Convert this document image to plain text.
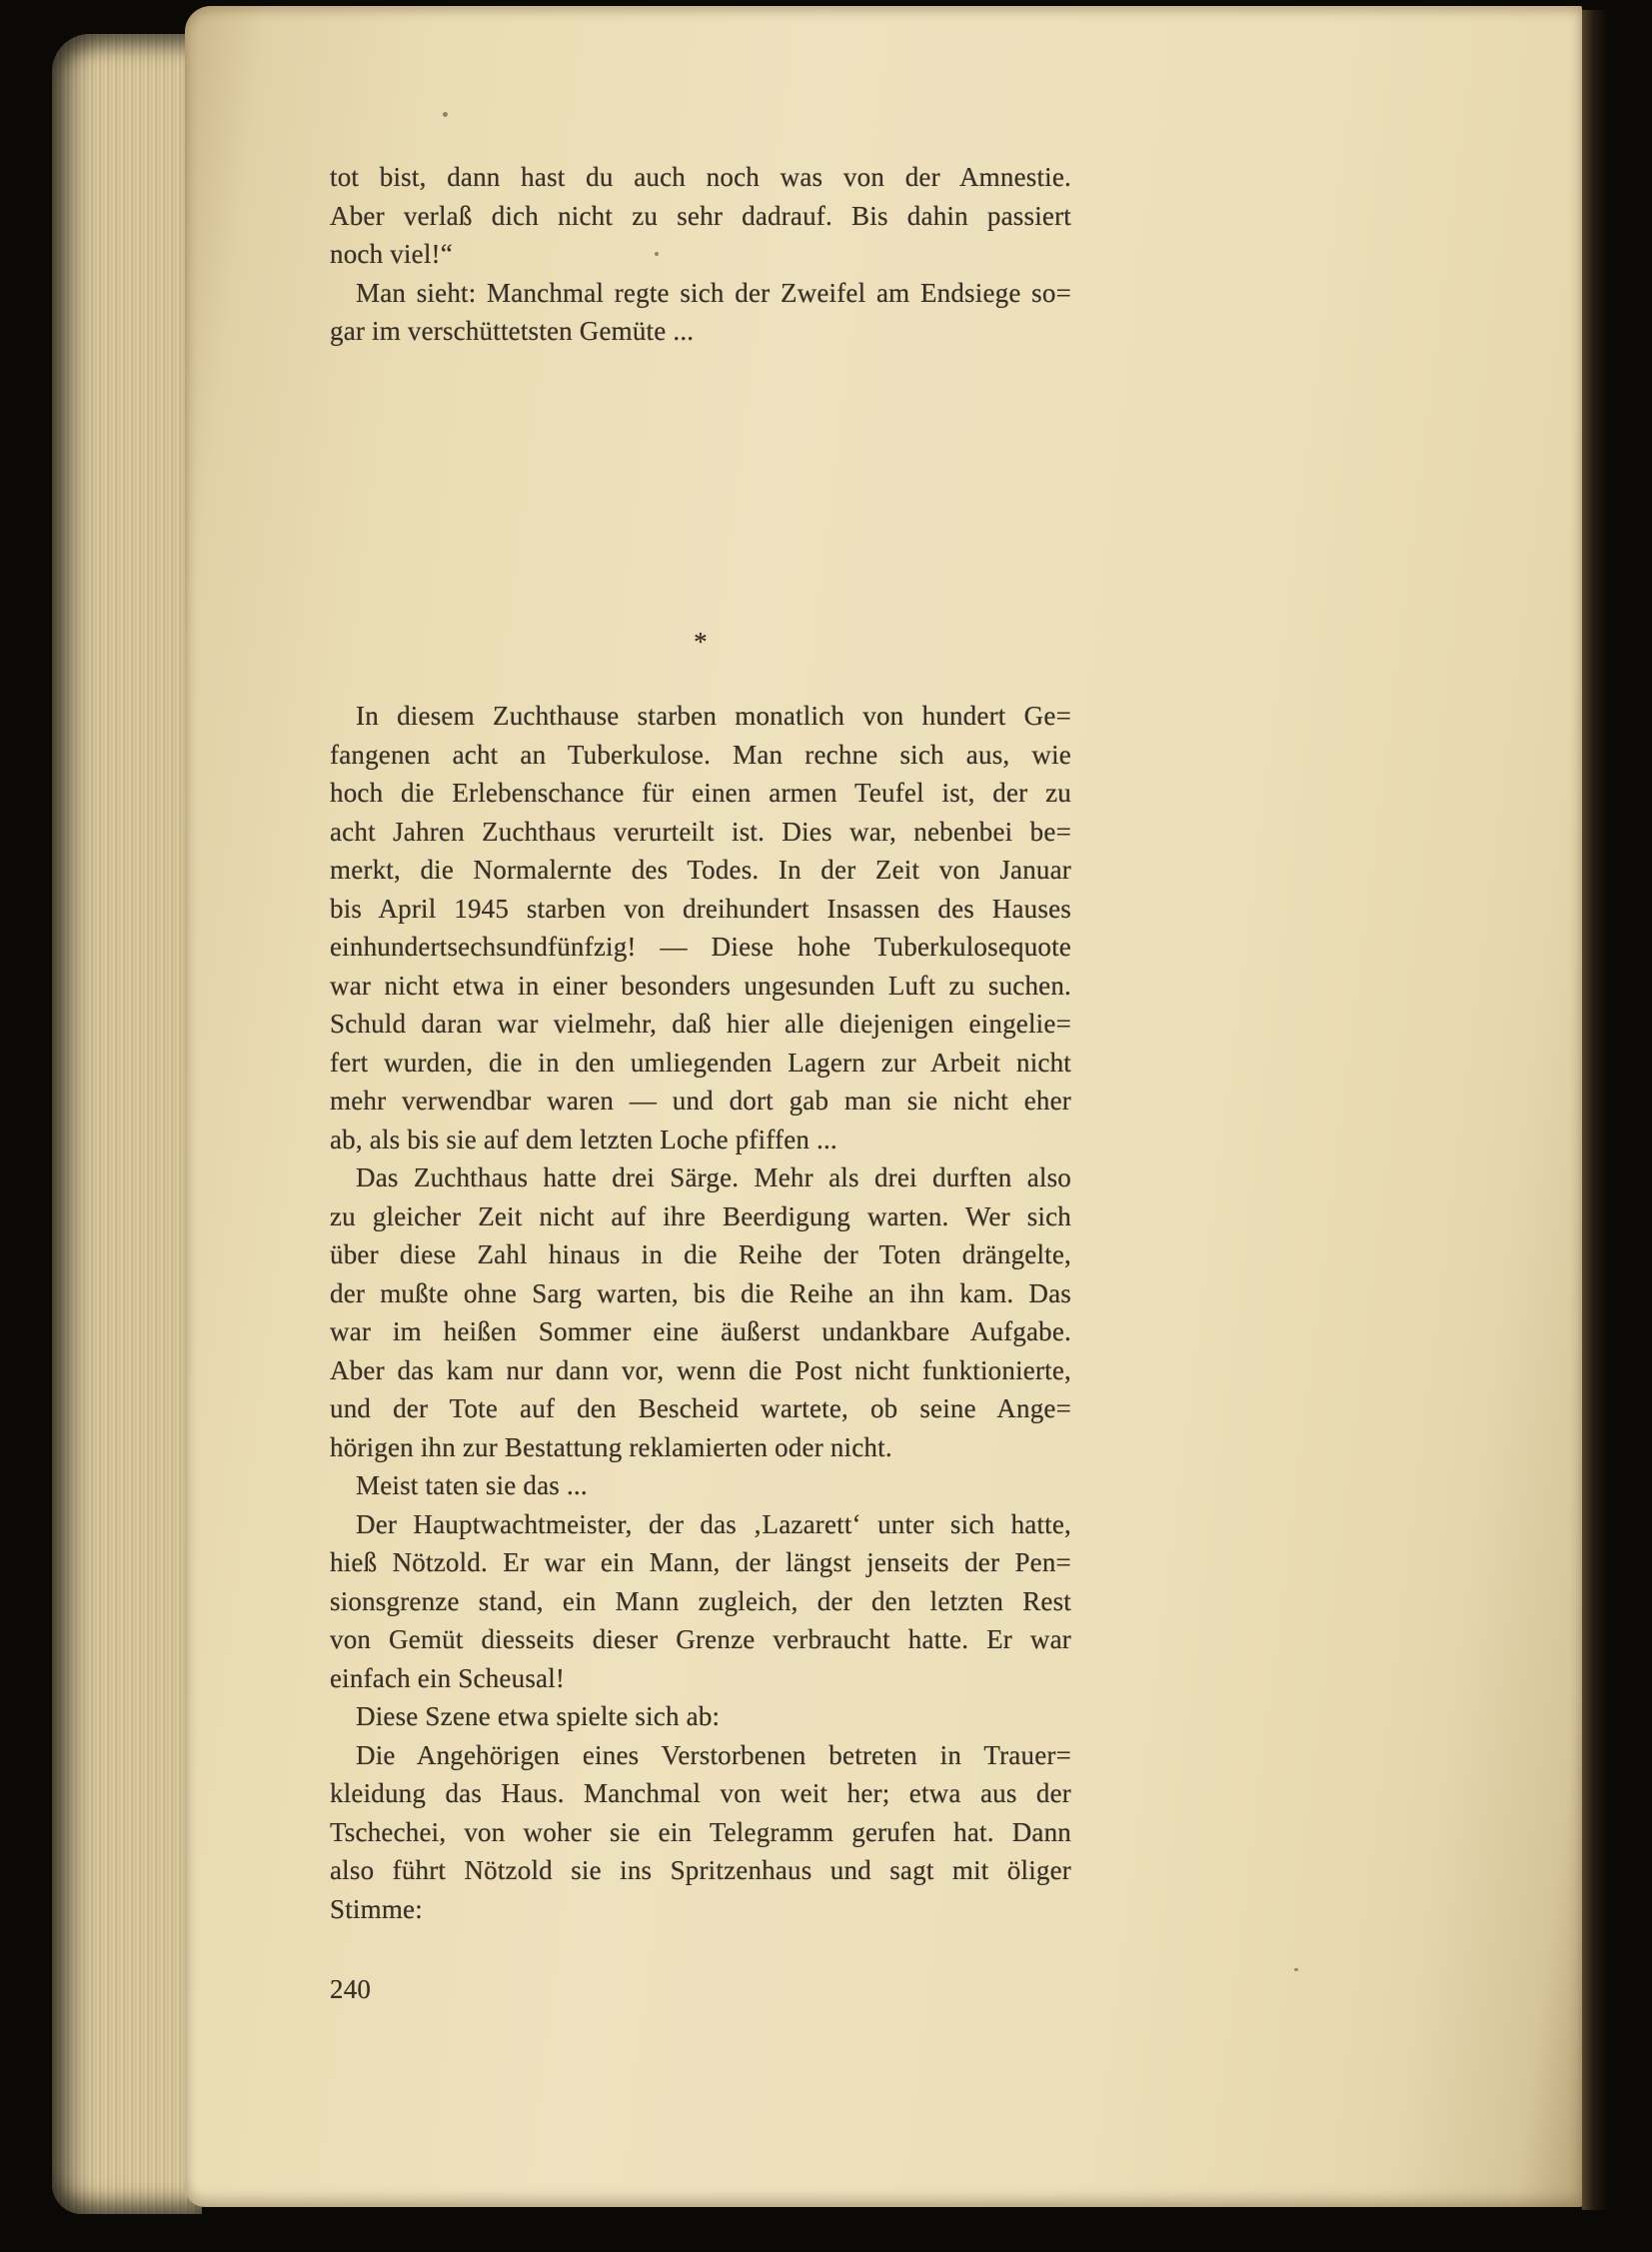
tot bist, dann hast du auch noch was von der Amnestie.
Aber verlaß dich nicht zu sehr dadrauf. Bis dahin passiert
noch viel!“
Man sieht: Manchmal regte sich der Zweifel am Endsiege so=
gar im verschüttetsten Gemüte ...
*
In diesem Zuchthause starben monatlich von hundert Ge=
fangenen acht an Tuberkulose. Man rechne sich aus, wie
hoch die Erlebenschance für einen armen Teufel ist, der zu
acht Jahren Zuchthaus verurteilt ist. Dies war, nebenbei be=
merkt, die Normalernte des Todes. In der Zeit von Januar
bis April 1945 starben von dreihundert Insassen des Hauses
einhundertsechsundfünfzig! — Diese hohe Tuberkulosequote
war nicht etwa in einer besonders ungesunden Luft zu suchen.
Schuld daran war vielmehr, daß hier alle diejenigen eingelie=
fert wurden, die in den umliegenden Lagern zur Arbeit nicht
mehr verwendbar waren — und dort gab man sie nicht eher
ab, als bis sie auf dem letzten Loche pfiffen ...
Das Zuchthaus hatte drei Särge. Mehr als drei durften also
zu gleicher Zeit nicht auf ihre Beerdigung warten. Wer sich
über diese Zahl hinaus in die Reihe der Toten drängelte,
der mußte ohne Sarg warten, bis die Reihe an ihn kam. Das
war im heißen Sommer eine äußerst undankbare Aufgabe.
Aber das kam nur dann vor, wenn die Post nicht funktionierte,
und der Tote auf den Bescheid wartete, ob seine Ange=
hörigen ihn zur Bestattung reklamierten oder nicht.
Meist taten sie das ...
Der Hauptwachtmeister, der das ‚Lazarett‘ unter sich hatte,
hieß Nötzold. Er war ein Mann, der längst jenseits der Pen=
sionsgrenze stand, ein Mann zugleich, der den letzten Rest
von Gemüt diesseits dieser Grenze verbraucht hatte. Er war
einfach ein Scheusal!
Diese Szene etwa spielte sich ab:
Die Angehörigen eines Verstorbenen betreten in Trauer=
kleidung das Haus. Manchmal von weit her; etwa aus der
Tschechei, von woher sie ein Telegramm gerufen hat. Dann
also führt Nötzold sie ins Spritzenhaus und sagt mit öliger
Stimme:
240
